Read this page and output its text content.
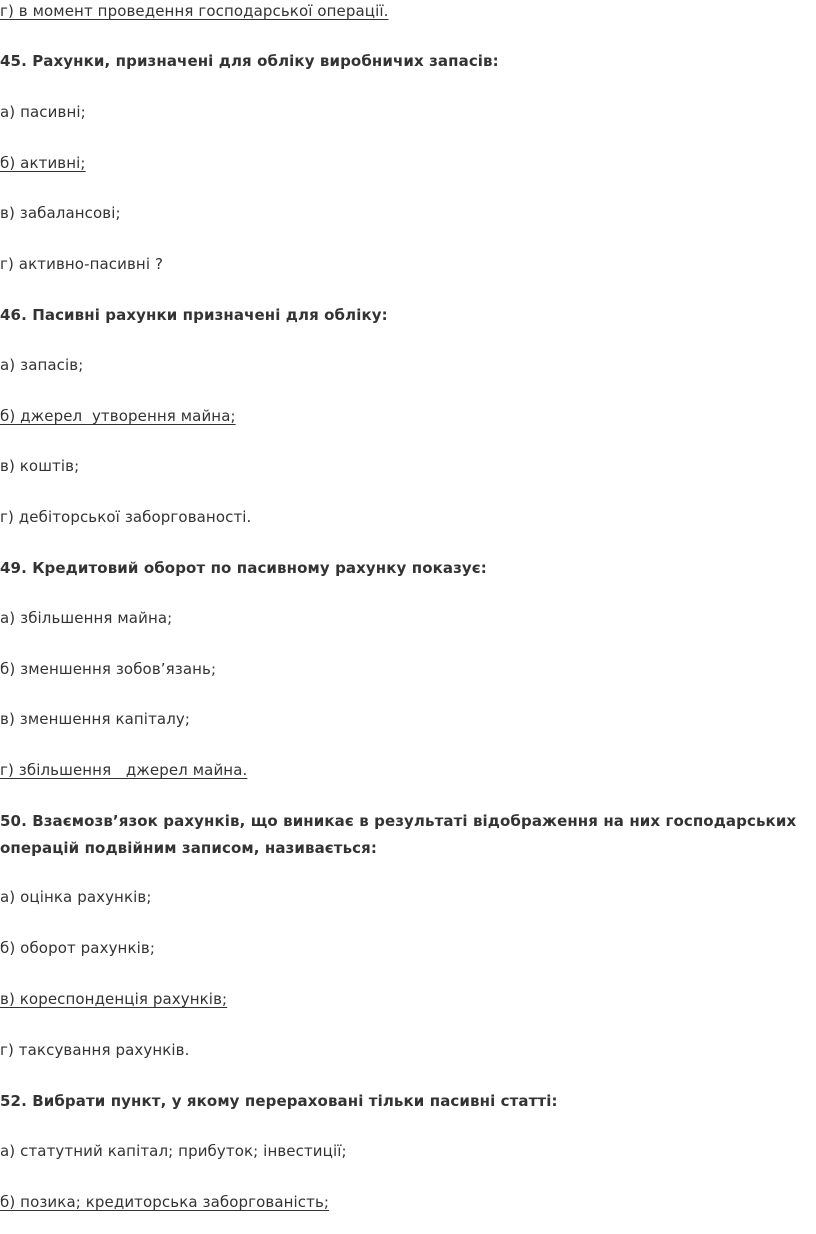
г) в момент проведення господарської операції.
45. Рахунки, призначені для обліку виробничих запасів:
а) пасивні;
б) активні;
в) забалансові;
г) активно-пасивні ?
46. Пасивні рахунки призначені для обліку:
а) запасів;
б) джерел  утворення майна;
в) коштів;
г) дебіторської заборгованості.
49. Кредитовий оборот по пасивному рахунку показує:
а) збільшення майна;
б) зменшення зобов’язань;
в) зменшення капіталу;
г) збільшення   джерел майна.
50. Взаємозв’язок рахунків, що виникає в результаті відображення на них господарських
операцій подвійним записом, називається:
а) оцінка рахунків;
б) оборот рахунків;
в) кореспонденція рахунків;
г) таксування рахунків.
52. Вибрати пункт, у якому перераховані тільки пасивні статті:
а) статутний капітал; прибуток; інвестиції;
б) позика; кредиторська заборгованість;
